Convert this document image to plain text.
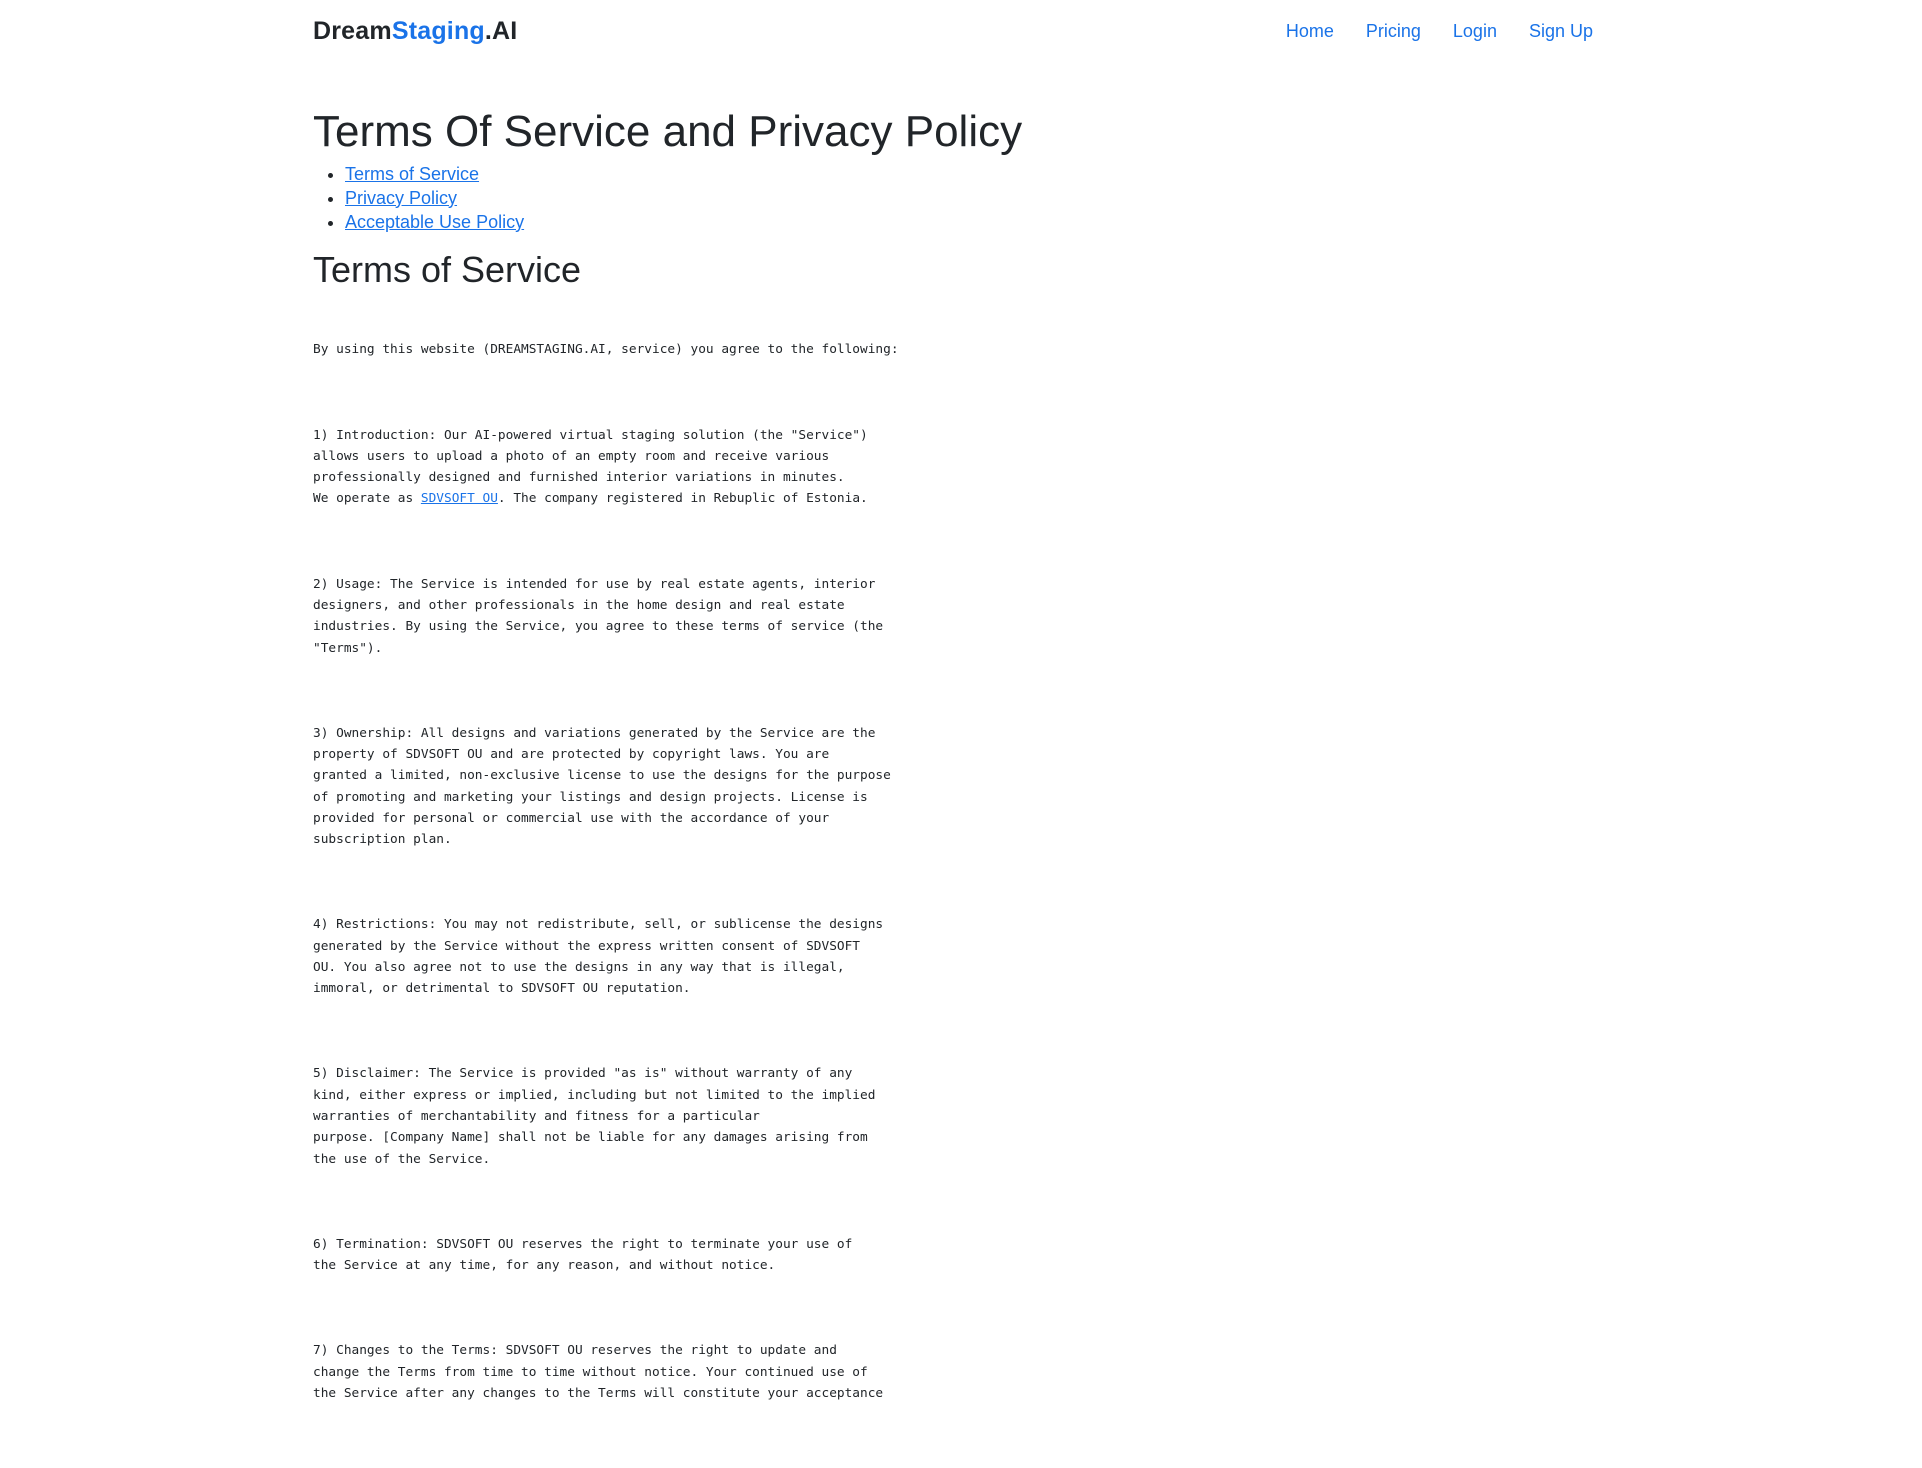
DreamStaging.AI	Home Pricing Login Sign Up
Terms Of Service and Privacy Policy
• Terms of Service
• Privacy Policy
• Acceptable Use Policy
Terms of Service

By using this website (DREAMSTAGING.AI, service) you agree to the following:

1) Introduction: Our AI-powered virtual staging solution (the "Service")
allows users to upload a photo of an empty room and receive various
professionally designed and furnished interior variations in minutes.
We operate as SDVSOFT OU. The company registered in Rebuplic of Estonia.

2) Usage: The Service is intended for use by real estate agents, interior
designers, and other professionals in the home design and real estate
industries. By using the Service, you agree to these terms of service (the
"Terms").

3) Ownership: All designs and variations generated by the Service are the
property of SDVSOFT OU and are protected by copyright laws. You are
granted a limited, non-exclusive license to use the designs for the purpose
of promoting and marketing your listings and design projects. License is
provided for personal or commercial use with the accordance of your
subscription plan.

4) Restrictions: You may not redistribute, sell, or sublicense the designs
generated by the Service without the express written consent of SDVSOFT
OU. You also agree not to use the designs in any way that is illegal,
immoral, or detrimental to SDVSOFT OU reputation.

5) Disclaimer: The Service is provided "as is" without warranty of any
kind, either express or implied, including but not limited to the implied
warranties of merchantability and fitness for a particular
purpose. [Company Name] shall not be liable for any damages arising from
the use of the Service.

6) Termination: SDVSOFT OU reserves the right to terminate your use of
the Service at any time, for any reason, and without notice.

7) Changes to the Terms: SDVSOFT OU reserves the right to update and
change the Terms from time to time without notice. Your continued use of
the Service after any changes to the Terms will constitute your acceptance
